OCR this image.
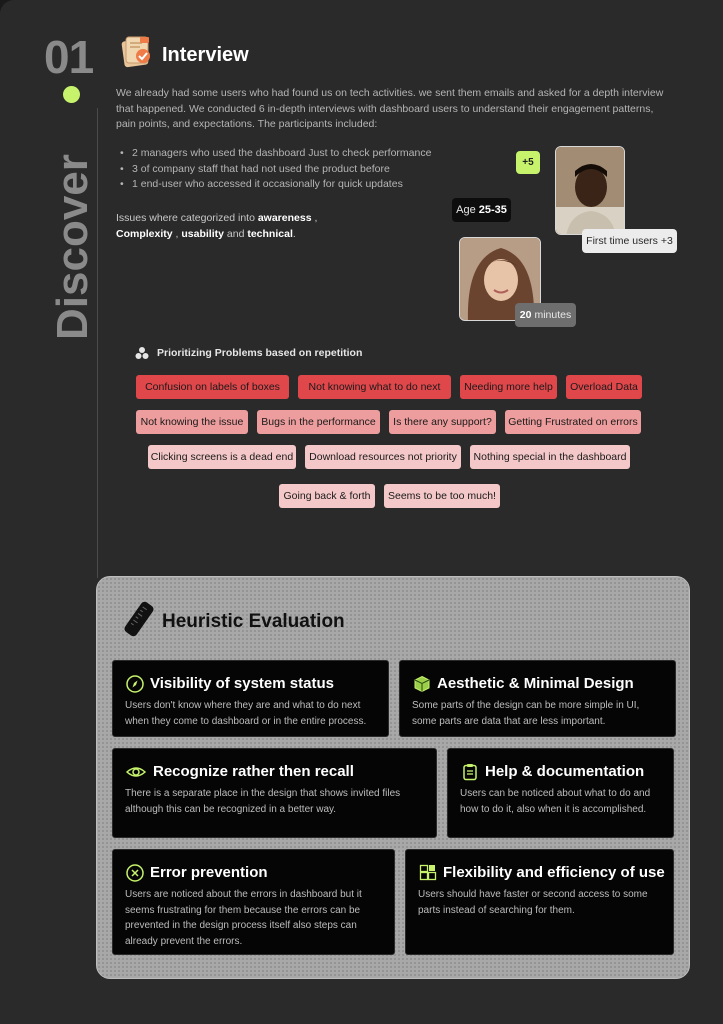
01
Discover
Interview

We already had some users who had found us on tech activities. we sent them emails and asked for a depth interview that happened. We conducted 6 in-depth interviews with dashboard users to understand their engagement patterns, pain points, and expectations. The participants included:

• 2 managers who used the dashboard Just to check performance
• 3 of company staff that had not used the product before
• 1 end-user who accessed it occasionally for quick updates

Issues where categorized into awareness ,
Complexity , usability and technical.

+5
Age 25-35
First time users +3
20 minutes
Prioritizing Problems based on repetition
Confusion on labels of boxes	Not knowing what to do next	Needing more help	Overload Data
Not knowing the issue	Bugs in the performance	Is there any support?	Getting Frustrated on errors
Clicking screens is a dead end	Download resources not priority	Nothing special in the dashboard
Going back & forth	Seems to be too much!
Heuristic Evaluation
Visibility of system status
Users don't know where they are and what to do next
when they come to dashboard or in the entire process.
Aesthetic & Minimal Design
Some parts of the design can be more simple in UI,
some parts are data that are less important.
Recognize rather then recall
There is a separate place in the design that shows invited files
although this can be recognized in a better way.
Help & documentation
Users can be noticed about what to do and
how to do it, also when it is accomplished.
Error prevention
Users are noticed about the errors in dashboard but it
seems frustrating for them because the errors can be
prevented in the design process itself also steps can
already prevent the errors.
Flexibility and efficiency of use
Users should have faster or second access to some
parts instead of searching for them.
